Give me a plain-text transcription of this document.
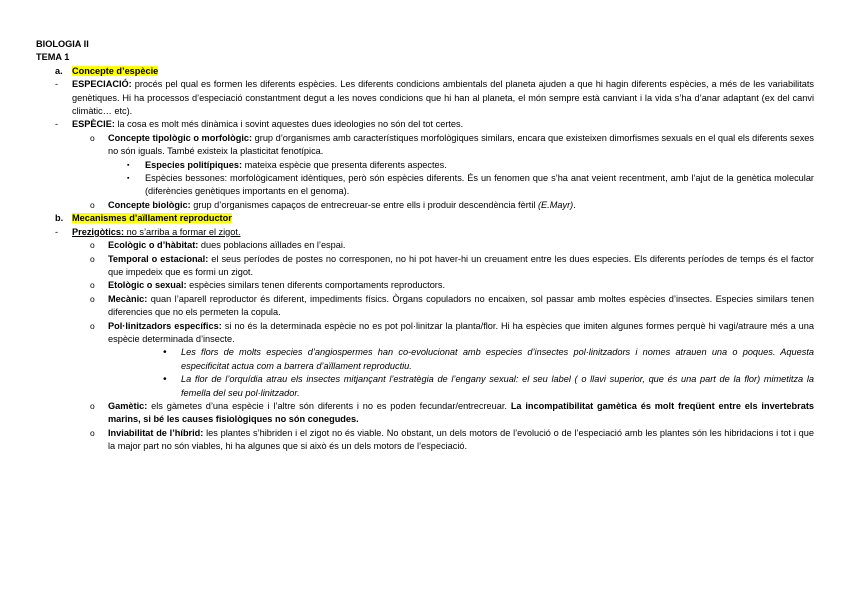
BIOLOGIA II
TEMA 1
a. Concepte d’espècie
- ESPECIACIÓ: procés pel qual es formen les diferents espècies. Les diferents condicions ambientals del planeta ajuden a que hi hagin diferents espècies, a més de les variabilitats genètiques. Hi ha processos d’especiació constantment degut a les noves condicions que hi han al planeta, el món sempre està canviant i la vida s’ha d’anar adaptant (ex del canvi climàtic… etc).
- ESPÈCIE: la cosa es molt més dinàmica i sovint aquestes dues ideologies no són del tot certes.
o Concepte tipològic o morfològic: grup d’organismes amb característiques morfològiques similars, encara que existeixen dimorfismes sexuals en el qual els diferents sexes no són iguals. També existeix la plasticitat fenotípica.
▪ Especies politípiques: mateixa espècie que presenta diferents aspectes.
▪ Espècies bessones: morfològicament idèntiques, però són espècies diferents. És un fenomen que s’ha anat veient recentment, amb l’ajut de la genètica molecular (diferències genètiques importants en el genoma).
o Concepte biològic: grup d’organismes capaços de entrecreuar-se entre ells i produir descendència fèrtil (E.Mayr).
b. Mecanismes d’aïllament reproductor
- Prezigòtics: no s’arriba a formar el zigot.
o Ecològic o d’hàbitat: dues poblacions aïllades en l’espai.
o Temporal o estacional: el seus períodes de postes no corresponen, no hi pot haver-hi un creuament entre les dues especies. Els diferents períodes de temps és el factor que impedeix que es formi un zigot.
o Etològic o sexual: espècies similars tenen diferents comportaments reproductors.
o Mecànic: quan l’aparell reproductor és diferent, impediments físics. Òrgans copuladors no encaixen, sol passar amb moltes espècies d’insectes. Especies similars tenen diferencies que no els permeten la copula.
o Pol·linitzadors específics: si no és la determinada espècie no es pot pol·linitzar la planta/flor. Hi ha espècies que imiten algunes formes perquè hi vagi/atraure més a una espècie determinada d’insecte.
• Les flors de molts especies d’angiospermes han co-evolucionat amb especies d’insectes pol·linitzadors i nomes atrauen una o poques. Aquesta especificitat actua com a barrera d’aïllament reproductiu.
• La flor de l’orquídia atrau els insectes mitjançant l’estratègia de l’engany sexual: el seu label ( o llavi superior, que és una part de la flor) mimetitza la femella del seu pol·linitzador.
o Gamètic: els gàmetes d’una espècie i l’altre són diferents i no es poden fecundar/entrecreuar. La incompatibilitat gamètica és molt freqüent entre els invertebrats marins, si bé les causes fisiològiques no són conegudes.
o Inviabilitat de l’híbrid: les plantes s’hibriden i el zigot no és viable. No obstant, un dels motors de l’evolució o de l’especiació amb les plantes són les hibridacions i tot i que la major part no són viables, hi ha algunes que si això és un dels motors de l’especiació.
